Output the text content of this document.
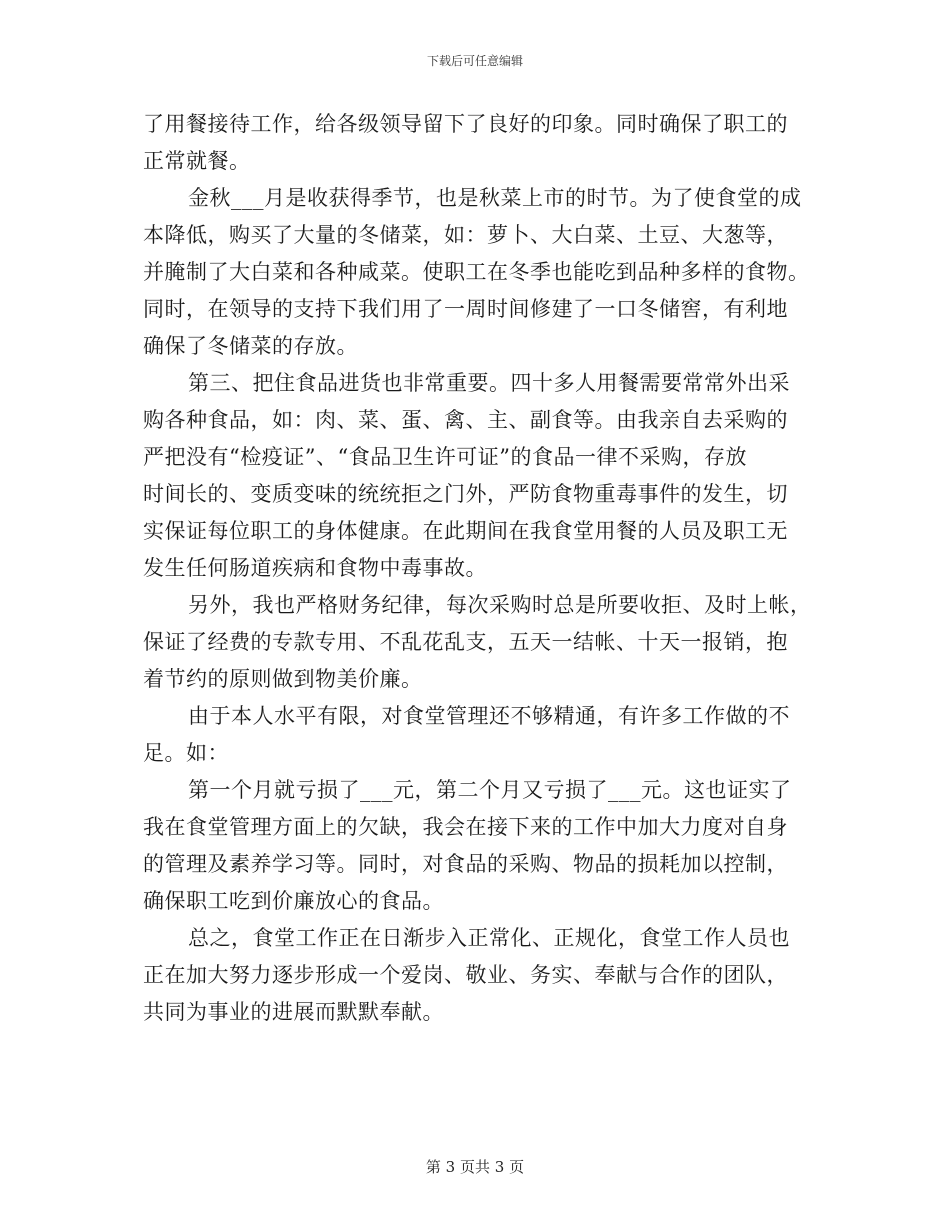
下载后可任意编辑
了用餐接待工作，给各级领导留下了良好的印象。同时确保了职工的
正常就餐。
金秋___月是收获得季节，也是秋菜上市的时节。为了使食堂的成
本降低，购买了大量的冬储菜，如：萝卜、大白菜、土豆、大葱等，
并腌制了大白菜和各种咸菜。使职工在冬季也能吃到品种多样的食物。
同时，在领导的支持下我们用了一周时间修建了一口冬储窖，有利地
确保了冬储菜的存放。
第三、把住食品进货也非常重要。四十多人用餐需要常常外出采
购各种食品，如：肉、菜、蛋、禽、主、副食等。由我亲自去采购的
严把没有“检疫证”、“食品卫生许可证”的食品一律不采购，存放
时间长的、变质变味的统统拒之门外，严防食物重毒事件的发生，切
实保证每位职工的身体健康。在此期间在我食堂用餐的人员及职工无
发生任何肠道疾病和食物中毒事故。
另外，我也严格财务纪律，每次采购时总是所要收拒、及时上帐，
保证了经费的专款专用、不乱花乱支，五天一结帐、十天一报销，抱
着节约的原则做到物美价廉。
由于本人水平有限，对食堂管理还不够精通，有许多工作做的不
足。如：
第一个月就亏损了___元，第二个月又亏损了___元。这也证实了
我在食堂管理方面上的欠缺，我会在接下来的工作中加大力度对自身
的管理及素养学习等。同时，对食品的采购、物品的损耗加以控制，
确保职工吃到价廉放心的食品。
总之，食堂工作正在日渐步入正常化、正规化，食堂工作人员也
正在加大努力逐步形成一个爱岗、敬业、务实、奉献与合作的团队，
共同为事业的进展而默默奉献。
第 3 页共 3 页
